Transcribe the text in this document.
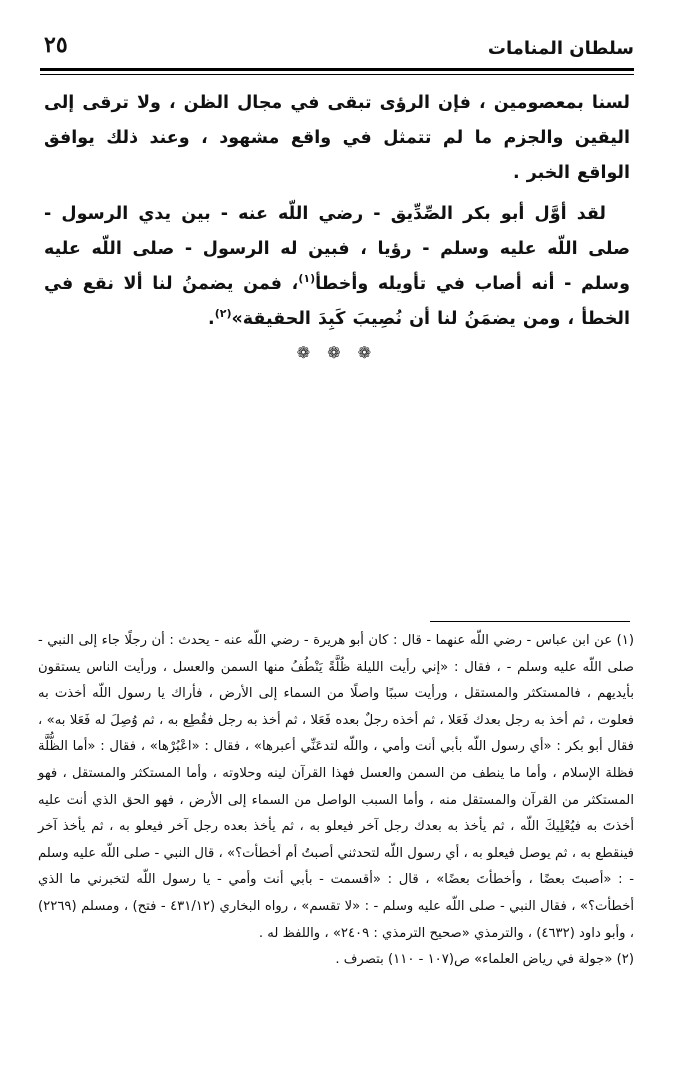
سلطان المنامات
٢٥

لسنا بمعصومين ، فإن الرؤى تبقى في مجال الظن ، ولا ترقى إلى اليقين والجزم ما لم تتمثل في واقع مشهود ، وعند ذلك يوافق الواقع الخبر .

لقد أوَّل أبو بكر الصِّدِّيق - رضي اللّه عنه - بين يدي الرسول - صلى اللّه عليه وسلم - رؤيا ، فبين له الرسول - صلى اللّه عليه وسلم - أنه أصاب في تأويله وأخطأ$^{(١)}$، فمن يضمنُ لنا ألا نقع في الخطأ ، ومن يضمَنُ لنا أن نُصِيبَ كَبِدَ الحقيقة»$^{(٢)}$.

❁ ❁ ❁

(١) عن ابن عباس - رضي اللّه عنهما - قال : كان أبو هريرة - رضي اللّه عنه - يحدث : أن رجلًا جاء إلى النبي - صلى اللّه عليه وسلم - ، فقال : «إني رأيت الليلة ظُلَّةً يَنْطُفُ منها السمن والعسل ، ورأيت الناس يستقون بأيديهم ، فالمستكثر والمستقل ، ورأيت سببًا واصلًا من السماء إلى الأرض ، فأراك يا رسول اللّه أخذت به فعلوت ، ثم أخذ به رجل بعدك فَعَلا ، ثم أخذه رجلٌ بعده فَعَلا ، ثم أخذ به رجل فقُطِع به ، ثم وُصِلَ له فَعَلا به» ، فقال أبو بكر : «أي رسول اللّه بأبي أنت وأمي ، واللّه لتدعَنِّي أعبرها» ، فقال : «اعْبُرْها» ، فقال : «أما الظُّلَّة فظلة الإسلام ، وأما ما ينطف من السمن والعسل فهذا القرآن لينه وحلاوته ، وأما المستكثر والمستقل ، فهو المستكثر من القرآن والمستقل منه ، وأما السبب الواصل من السماء إلى الأرض ، فهو الحق الذي أنت عليه أخذتَ به فيُعْلِيكَ اللّه ، ثم يأخذ به بعدك رجل آخر فيعلو به ، ثم يأخذ بعده رجل آخر فيعلو به ، ثم يأخذ آخر فينقطع به ، ثم يوصل فيعلو به ، أي رسول اللّه لتحدثني أصبتُ أم أخطأت؟» ، قال النبي - صلى اللّه عليه وسلم - : «أصبتَ بعضًا ، وأخطأتَ بعضًا» ، قال : «أقسمت - بأبي أنت وأمي - يا رسول اللّه لتخبرني ما الذي أخطأت؟» ، فقال النبي - صلى اللّه عليه وسلم - : «لا تقسم» ، رواه البخاري (٤٣١/١٢ - فتح) ، ومسلم (٢٢٦٩) ، وأبو داود (٤٦٣٢) ، والترمذي «صحيح الترمذي : ٢٤٠٩» ، واللفظ له .

(٢) «جولة في رياض العلماء» ص(١٠٧ - ١١٠) بتصرف .
